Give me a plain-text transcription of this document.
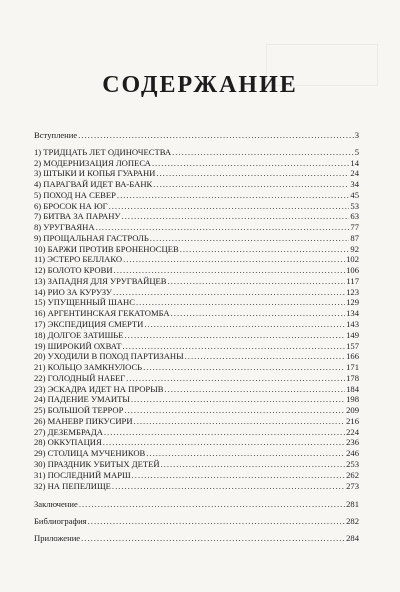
СОДЕРЖАНИЕ
Вступление .....	3
1) ТРИДЦАТЬ ЛЕТ ОДИНОЧЕСТВА .....	5
2) МОДЕРНИЗАЦИЯ ЛОПЕСА .....	14
3) ШТЫКИ И КОПЬЯ ГУАРАНИ .....	24
4) ПАРАГВАЙ ИДЕТ ВА-БАНК .....	34
5) ПОХОД НА СЕВЕР .....	45
6) БРОСОК НА ЮГ .....	53
7) БИТВА ЗА ПАРАНУ .....	63
8) УРУГВАЯНА .....	77
9) ПРОЩАЛЬНАЯ ГАСТРОЛЬ .....	87
10) БАРЖИ ПРОТИВ БРОНЕНОСЦЕВ .....	92
11) ЭСТЕРО БЕЛЛАКО .....	102
12) БОЛОТО КРОВИ .....	106
13) ЗАПАДНЯ ДЛЯ УРУГВАЙЦЕВ .....	117
14) РИО ЗА КУРУЗУ .....	123
15) УПУЩЕННЫЙ ШАНС .....	129
16) АРГЕНТИНСКАЯ ГЕКАТОМБА .....	134
17) ЭКСПЕДИЦИЯ СМЕРТИ .....	143
18) ДОЛГОЕ ЗАТИШЬЕ .....	149
19) ШИРОКИЙ ОХВАТ .....	157
20) УХОДИЛИ В ПОХОД ПАРТИЗАНЫ .....	166
21) КОЛЬЦО ЗАМКНУЛОСЬ .....	171
22) ГОЛОДНЫЙ НАБЕГ .....	178
23) ЭСКАДРА ИДЕТ НА ПРОРЫВ .....	184
24) ПАДЕНИЕ УМАИТЫ .....	198
25) БОЛЬШОЙ ТЕРРОР .....	209
26) МАНЕВР ПИКУСИРИ .....	216
27) ДЕЗЕМБРАДА .....	224
28) ОККУПАЦИЯ .....	236
29) СТОЛИЦА МУЧЕНИКОВ .....	246
30) ПРАЗДНИК УБИТЫХ ДЕТЕЙ .....	253
31) ПОСЛЕДНИЙ МАРШ .....	262
32) НА ПЕПЕЛИЩЕ .....	273
Заключение .....	281
Библиография .....	282
Приложение .....	284
